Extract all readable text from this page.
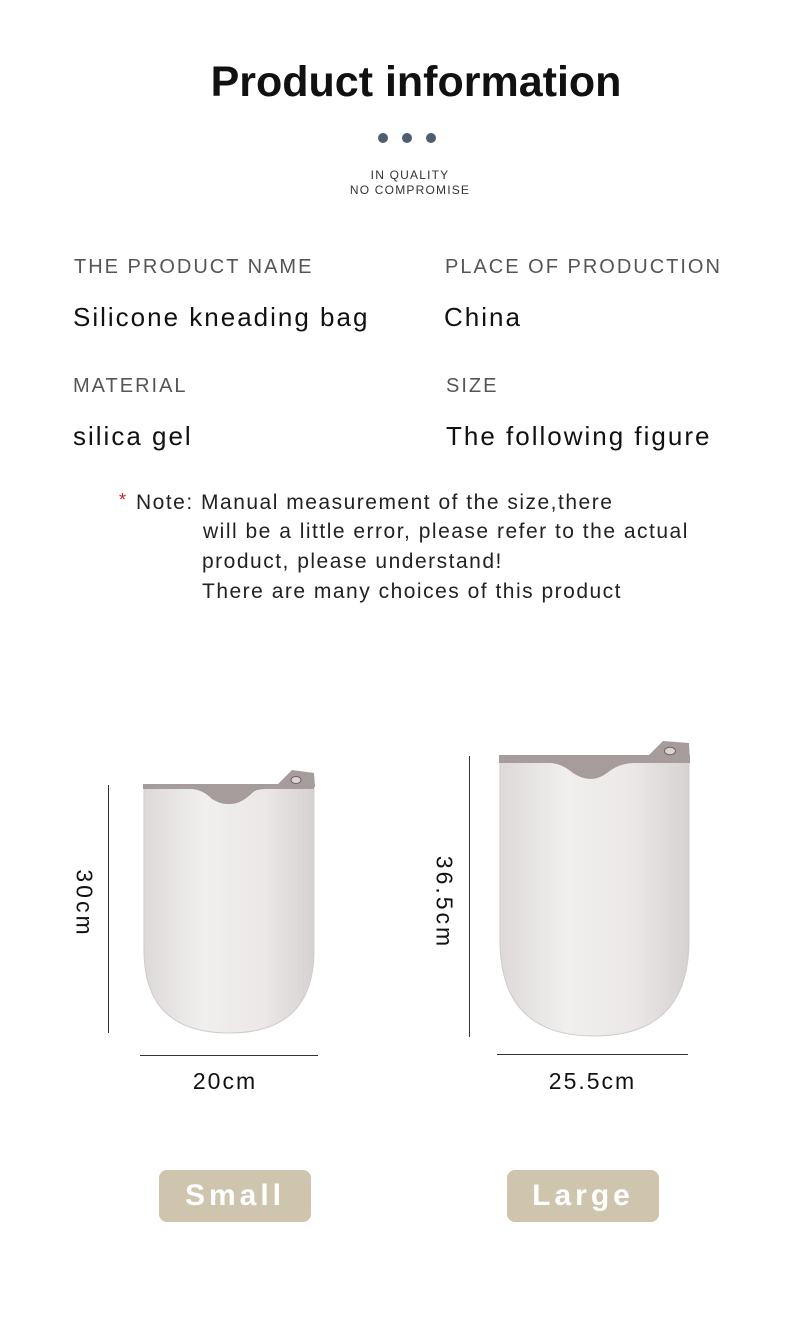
Product information
IN QUALITY
NO COMPROMISE
THE PRODUCT NAME
Silicone kneading bag
PLACE OF PRODUCTION
China
MATERIAL
silica gel
SIZE
The following figure
* Note: Manual measurement of the size,there
will be a little error, please refer to the actual
product, please understand!
There are many choices of this product
30cm
20cm
36.5cm
25.5cm
Small	Large
